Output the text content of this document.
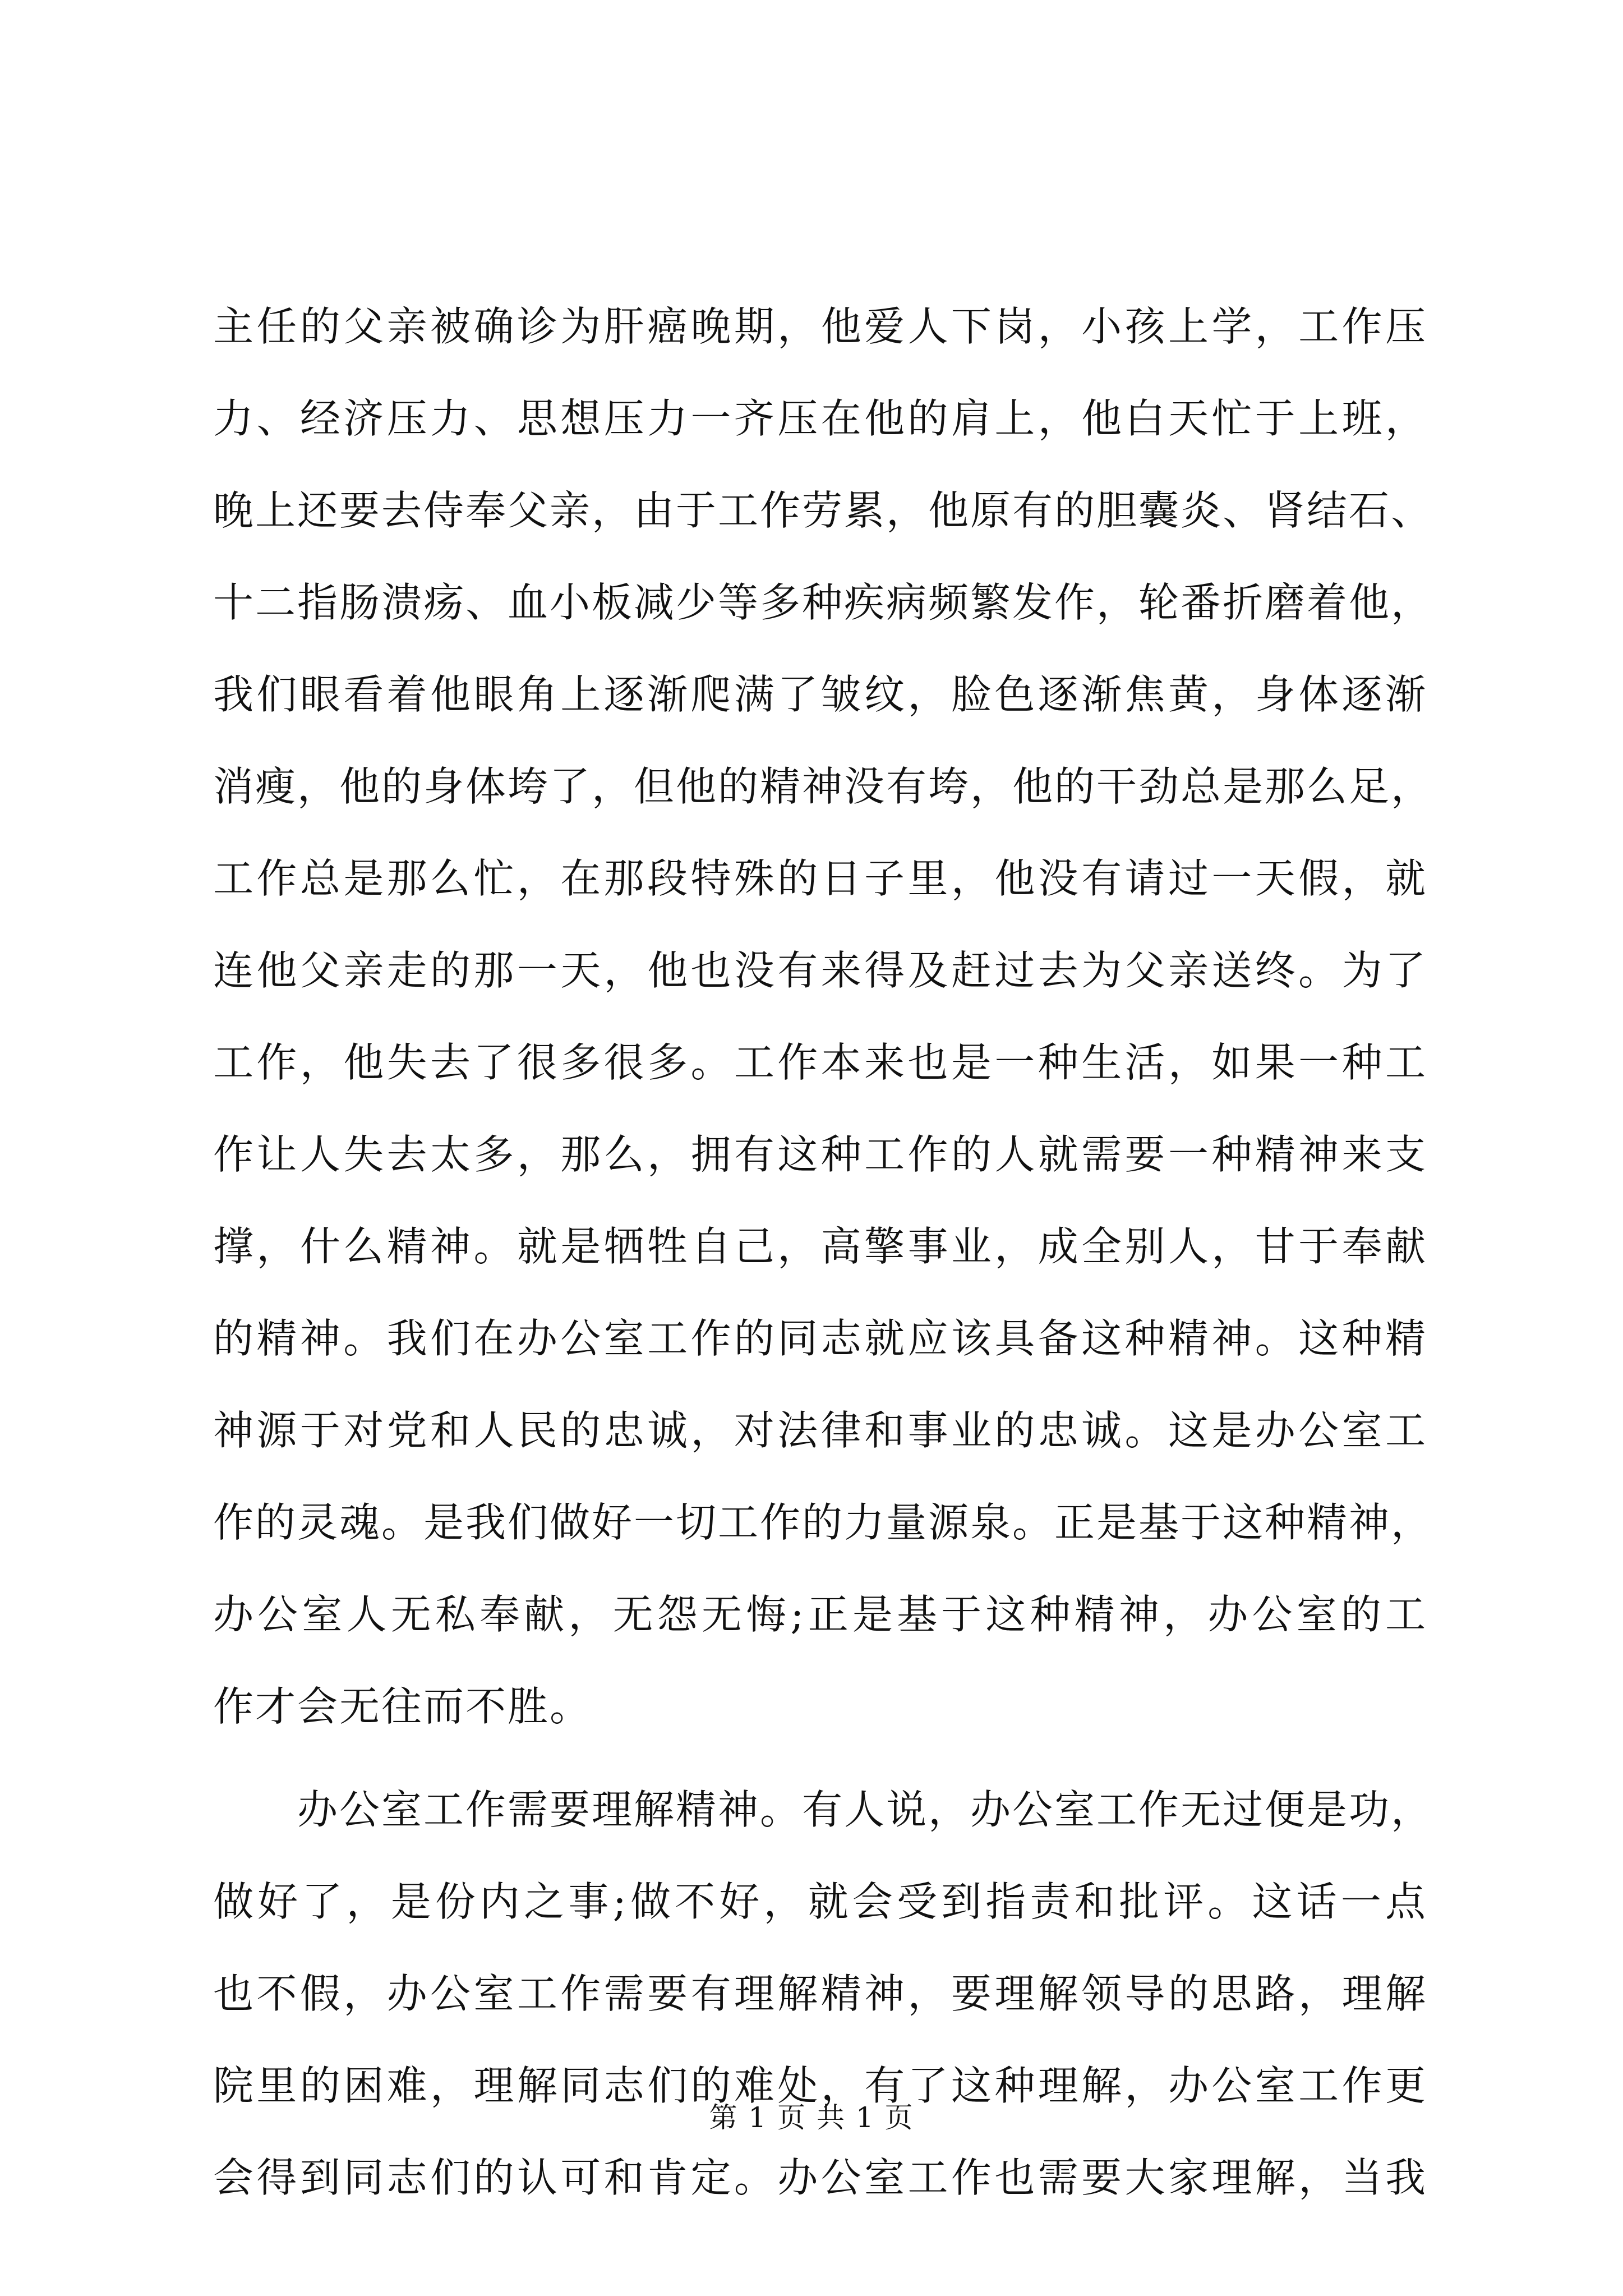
主任的父亲被确诊为肝癌晚期，他爱人下岗，小孩上学，工作压
力、经济压力、思想压力一齐压在他的肩上，他白天忙于上班，
晚上还要去侍奉父亲，由于工作劳累，他原有的胆囊炎、肾结石、
十二指肠溃疡、血小板减少等多种疾病频繁发作，轮番折磨着他，
我们眼看着他眼角上逐渐爬满了皱纹，脸色逐渐焦黄，身体逐渐
消瘦，他的身体垮了，但他的精神没有垮，他的干劲总是那么足，
工作总是那么忙，在那段特殊的日子里，他没有请过一天假，就
连他父亲走的那一天，他也没有来得及赶过去为父亲送终。为了
工作，他失去了很多很多。工作本来也是一种生活，如果一种工
作让人失去太多，那么，拥有这种工作的人就需要一种精神来支
撑，什么精神。就是牺牲自己，高擎事业，成全别人，甘于奉献
的精神。我们在办公室工作的同志就应该具备这种精神。这种精
神源于对党和人民的忠诚，对法律和事业的忠诚。这是办公室工
作的灵魂。是我们做好一切工作的力量源泉。正是基于这种精神，
办公室人无私奉献，无怨无悔;正是基于这种精神，办公室的工
作才会无往而不胜。
办公室工作需要理解精神。有人说，办公室工作无过便是功，
做好了，是份内之事;做不好，就会受到指责和批评。这话一点
也不假，办公室工作需要有理解精神，要理解领导的思路，理解
院里的困难，理解同志们的难处，有了这种理解，办公室工作更
会得到同志们的认可和肯定。办公室工作也需要大家理解，当我
第 1 页 共 1 页
